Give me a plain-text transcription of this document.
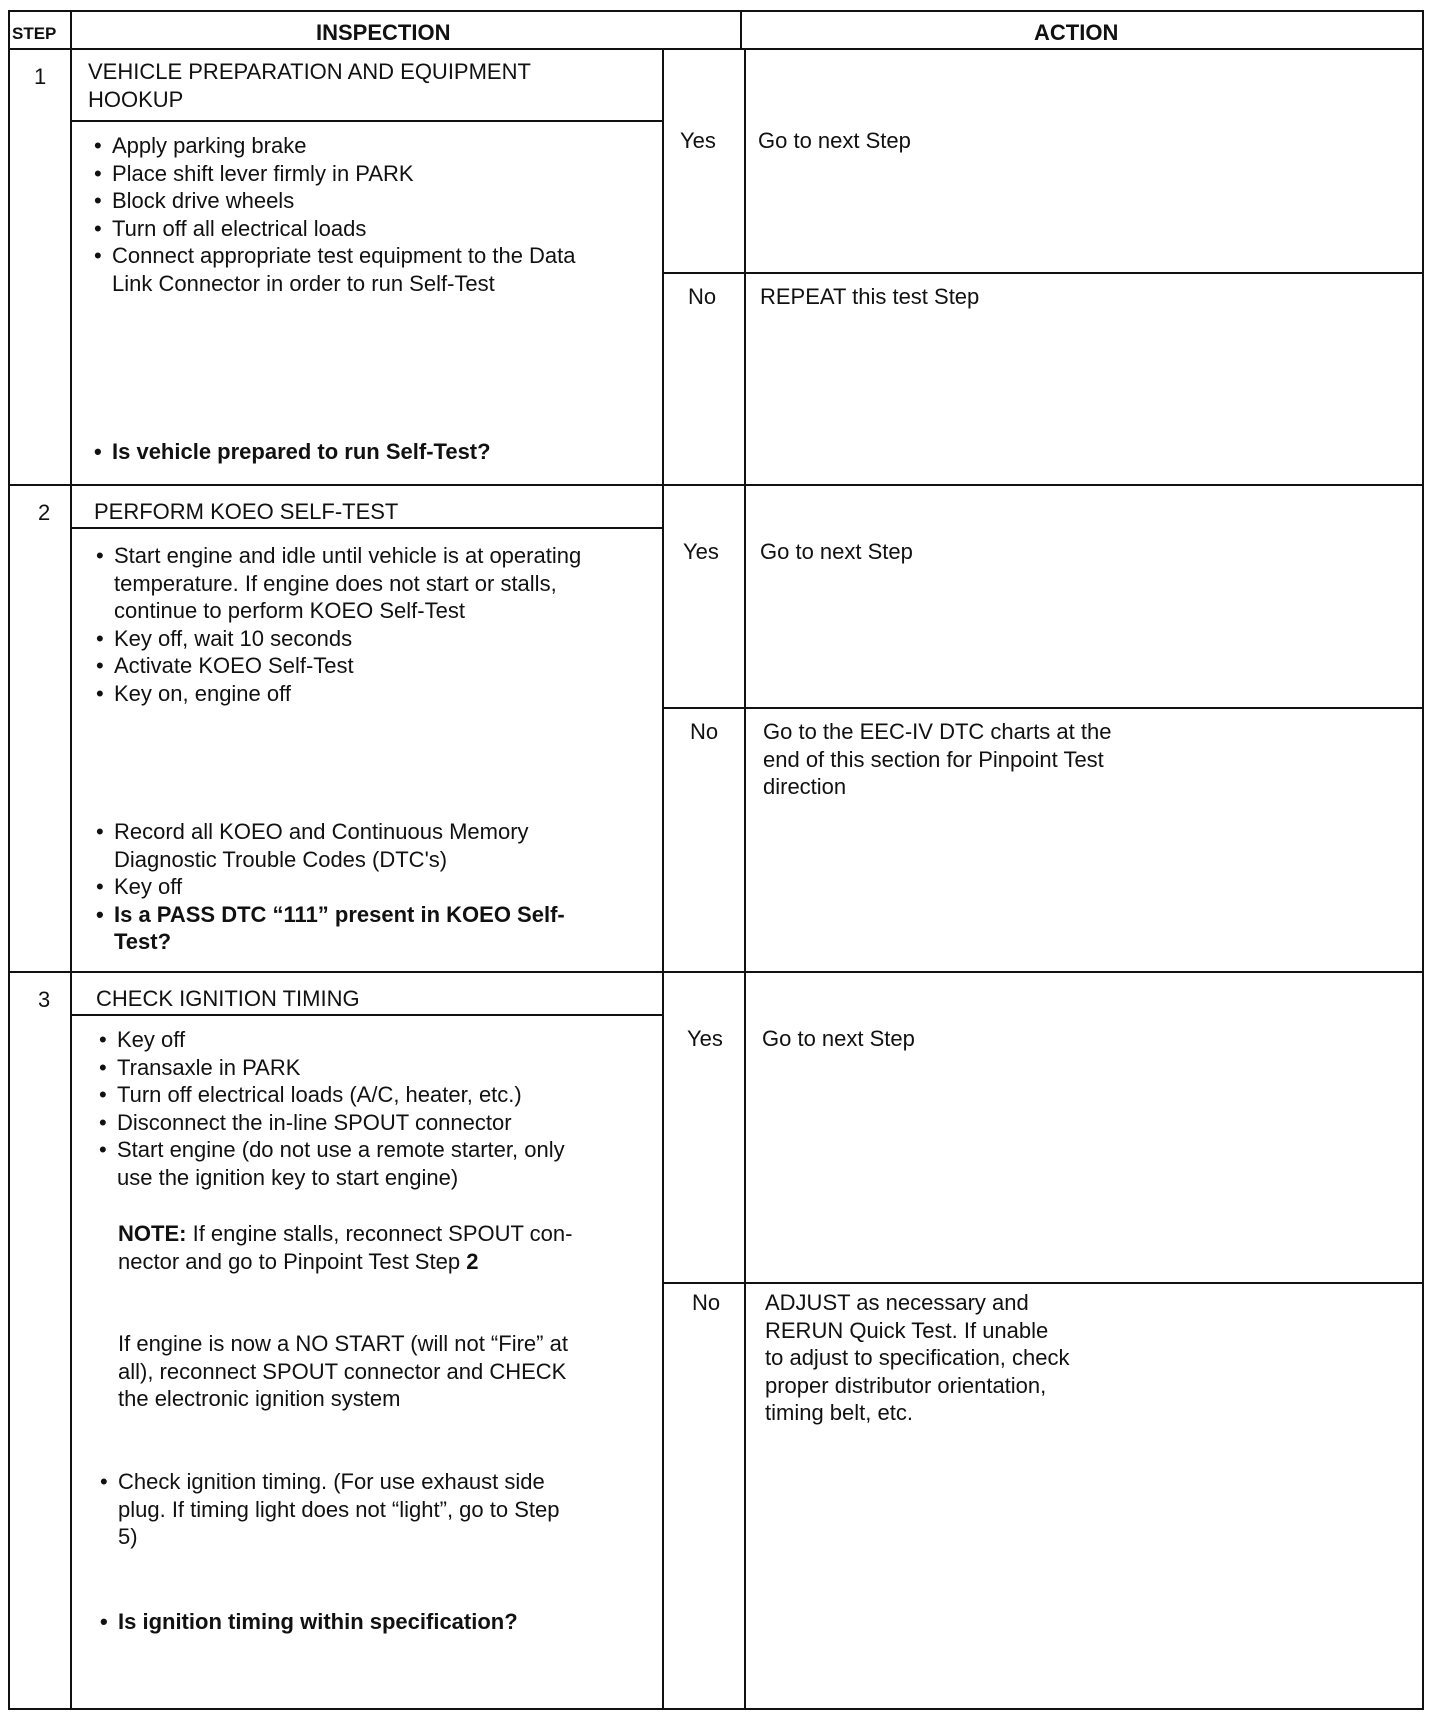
STEP	INSPECTION	ACTION
1 VEHICLE PREPARATION AND EQUIPMENT
HOOKUP
• Apply parking brake
• Place shift lever firmly in PARK
• Block drive wheels
• Turn off all electrical loads
• Connect appropriate test equipment to the Data
Link Connector in order to run Self-Test
• Is vehicle prepared to run Self-Test?
Yes Go to next Step
No REPEAT this test Step
2 PERFORM KOEO SELF-TEST
• Start engine and idle until vehicle is at operating
temperature. If engine does not start or stalls,
continue to perform KOEO Self-Test
• Key off, wait 10 seconds
• Activate KOEO Self-Test
• Key on, engine off
• Record all KOEO and Continuous Memory
Diagnostic Trouble Codes (DTC's)
• Key off
• Is a PASS DTC “111” present in KOEO Self-
Test?
Yes Go to next Step
No Go to the EEC-IV DTC charts at the
end of this section for Pinpoint Test
direction
3 CHECK IGNITION TIMING
• Key off
• Transaxle in PARK
• Turn off electrical loads (A/C, heater, etc.)
• Disconnect the in-line SPOUT connector
• Start engine (do not use a remote starter, only
use the ignition key to start engine)
NOTE: If engine stalls, reconnect SPOUT con-
nector and go to Pinpoint Test Step 2
If engine is now a NO START (will not “Fire” at
all), reconnect SPOUT connector and CHECK
the electronic ignition system
• Check ignition timing. (For use exhaust side
plug. If timing light does not “light”, go to Step
5)
• Is ignition timing within specification?
Yes Go to next Step
No ADJUST as necessary and
RERUN Quick Test. If unable
to adjust to specification, check
proper distributor orientation,
timing belt, etc.
